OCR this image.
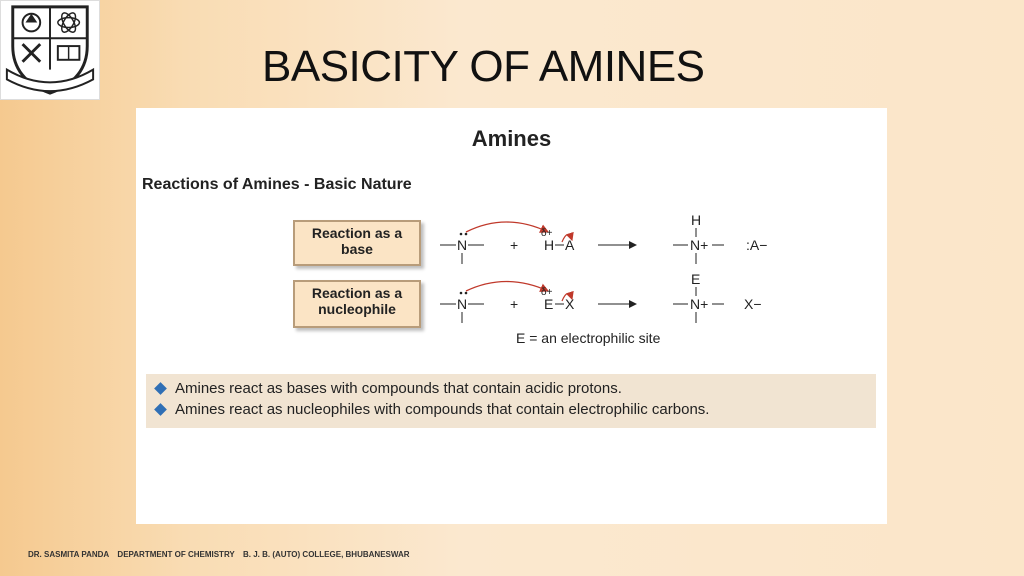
BASICITY OF AMINES
Amines
Reactions of Amines - Basic Nature
Reaction as a base
Reaction as a nucleophile
N	+
δ+
H A
H
N+	:A−
N	+
δ+
E X
E
N+	X−
E = an electrophilic site
Amines react as bases with compounds that contain acidic protons.
Amines react as nucleophiles with compounds that contain electrophilic carbons.
DR. SASMITA PANDA DEPARTMENT OF CHEMISTRY B. J. B. (AUTO) COLLEGE, BHUBANESWAR
